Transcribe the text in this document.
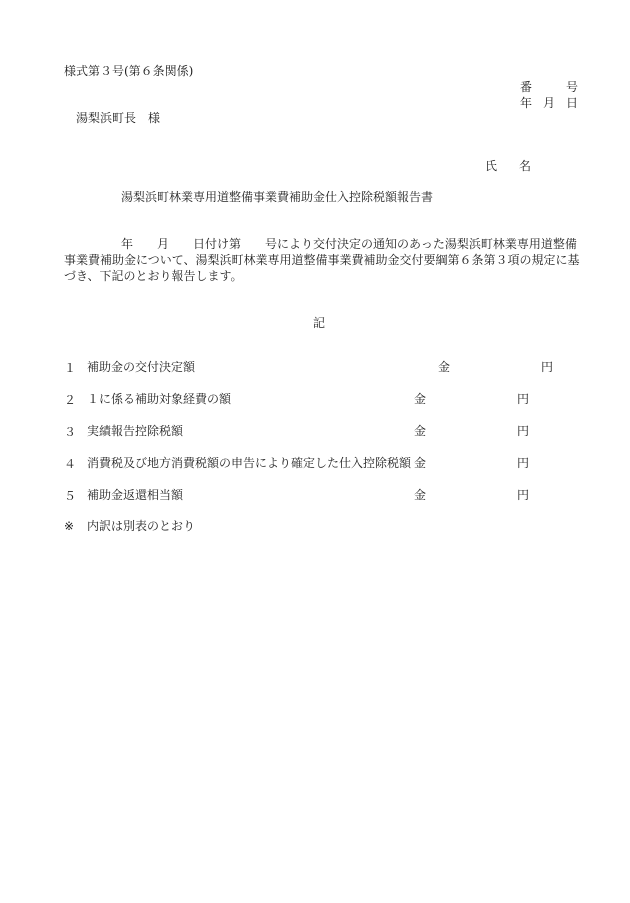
様式第３号(第６条関係)
番	号
年 月 日
湯梨浜町長　様
氏 名
湯梨浜町林業専用道整備事業費補助金仕入控除税額報告書
年　　月　　日付け第　　号により交付決定の通知のあった湯梨浜町林業専用道整備
事業費補助金について、湯梨浜町林業専用道整備事業費補助金交付要綱第６条第３項の規定に基
づき、下記のとおり報告します。
記
１ 補助金の交付決定額	金	円
２ １に係る補助対象経費の額	金	円
３ 実績報告控除税額	金	円
４ 消費税及び地方消費税額の申告により確定した仕入控除税額 金	円
５ 補助金返還相当額	金	円
※ 内訳は別表のとおり
